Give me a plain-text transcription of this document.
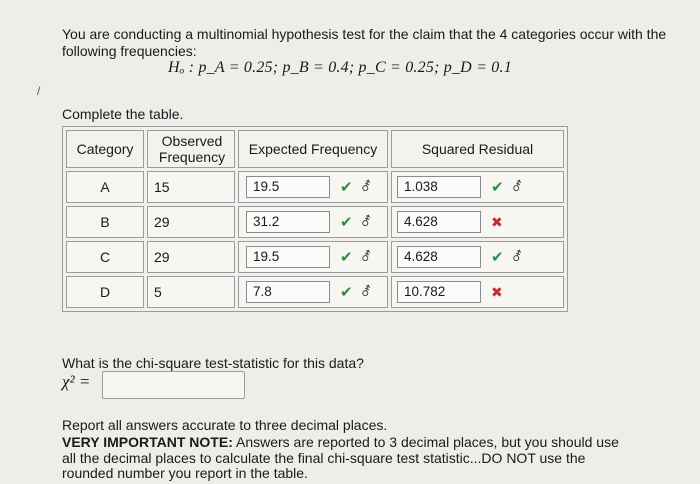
You are conducting a multinomial hypothesis test for the claim that the 4 categories occur with the following frequencies:
Hₒ : p_A = 0.25; p_B = 0.4; p_C = 0.25; p_D = 0.1
/
Complete the table.
Category	Observed Frequency	Expected Frequency	Squared Residual
A	15	19.5 ✔ ⚦	1.038 ✔ ⚦
B	29	31.2 ✔ ⚦	4.628 ✖
C	29	19.5 ✔ ⚦	4.628 ✔ ⚦
D	5	7.8 ✔ ⚦	10.782 ✖
What is the chi-square test-statistic for this data?
χ² =
Report all answers accurate to three decimal places.
VERY IMPORTANT NOTE: Answers are reported to 3 decimal places, but you should use all the decimal places to calculate the final chi-square test statistic...DO NOT use the rounded number you report in the table.
